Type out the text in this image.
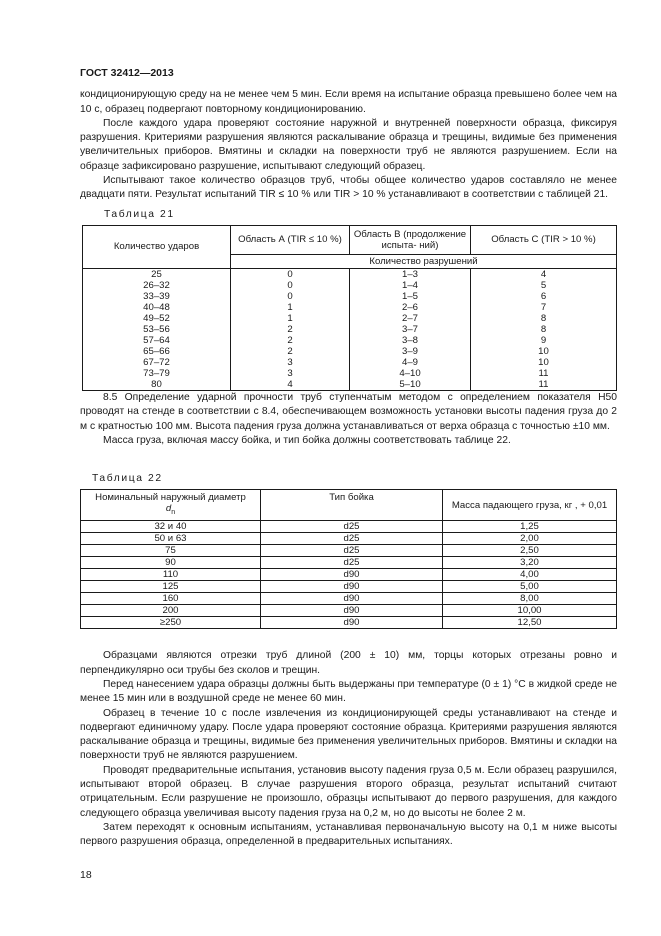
ГОСТ 32412—2013

кондиционирующую среду на не менее чем 5 мин. Если время на испытание образца превышено более чем на 10 с, образец подвергают повторному кондиционированию.

После каждого удара проверяют состояние наружной и внутренней поверхности образца, фиксируя разрушения. Критериями разрушения являются раскалывание образца и трещины, видимые без применения увеличительных приборов. Вмятины и складки на поверхности труб не являются разрушением. Если на образце зафиксировано разрушение, испытывают следующий образец.

Испытывают такое количество образцов труб, чтобы общее количество ударов составляло не менее двадцати пяти. Результат испытаний TIR ≤ 10 % или TIR > 10 % устанавливают в соответствии с таблицей 21.

Таблица 21
Количество ударов	Область А (TIR ≤ 10 %)	Область В (продолжение испыта- ний)	Область С (TIR > 10 %)
	Количество разрушений		
25	0	1–3	4
26–32	0	1–4	5
33–39	0	1–5	6
40–48	1	2–6	7
49–52	1	2–7	8
53–56	2	3–7	8
57–64	2	3–8	9
65–66	2	3–9	10
67–72	3	4–9	10
73–79	3	4–10	11
80	4	5–10	11

8.5 Определение ударной прочности труб ступенчатым методом с определением показателя H50 проводят на стенде в соответствии с 8.4, обеспечивающем возможность установки высоты падения груза до 2 м с кратностью 100 мм. Высота падения груза должна устанавливаться от верха образца с точностью ±10 мм.

Масса груза, включая массу бойка, и тип бойка должны соответствовать таблице 22.

Таблица 22
Номинальный наружный диаметр
$d_n$	Тип бойка	Масса падающего груза, кг , + 0,01
32 и 40	d25	1,25
50 и 63	d25	2,00
75	d25	2,50
90	d25	3,20
110	d90	4,00
125	d90	5,00
160	d90	8,00
200	d90	10,00
≥250	d90	12,50

Образцами являются отрезки труб длиной (200 ± 10) мм, торцы которых отрезаны ровно и перпендикулярно оси трубы без сколов и трещин.

Перед нанесением удара образцы должны быть выдержаны при температуре (0 ± 1) °С в жидкой среде не менее 15 мин или в воздушной среде не менее 60 мин.

Образец в течение 10 с после извлечения из кондиционирующей среды устанавливают на стенде и подвергают единичному удару. После удара проверяют состояние образца. Критериями разрушения являются раскалывание образца и трещины, видимые без применения увеличительных приборов. Вмятины и складки на поверхности труб не являются разрушением.

Проводят предварительные испытания, установив высоту падения груза 0,5 м. Если образец разрушился, испытывают второй образец. В случае разрушения второго образца, результат испытаний считают отрицательным. Если разрушение не произошло, образцы испытывают до первого разрушения, для каждого следующего образца увеличивая высоту падения груза на 0,2 м, но до высоты не более 2 м.

Затем переходят к основным испытаниям, устанавливая первоначальную высоту на 0,1 м ниже высоты первого разрушения образца, определенной в предварительных испытаниях.

18
